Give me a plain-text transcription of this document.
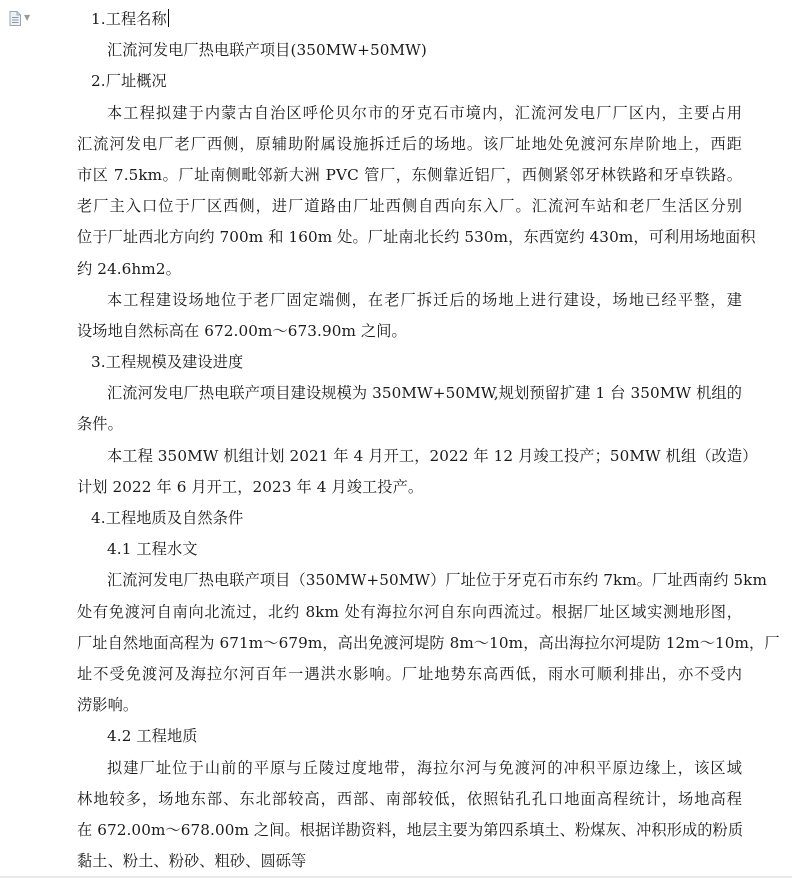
▼	1.工程名称
汇流河发电厂热电联产项目(350MW+50MW)
2.厂址概况
本工程拟建于内蒙古自治区呼伦贝尔市的牙克石市境内，汇流河发电厂厂区内，主要占用
汇流河发电厂老厂西侧，原辅助附属设施拆迁后的场地。该厂址地处免渡河东岸阶地上，西距
市区 7.5km。厂址南侧毗邻新大洲 PVC 管厂，东侧靠近铝厂，西侧紧邻牙林铁路和牙卓铁路。
老厂主入口位于厂区西侧，进厂道路由厂址西侧自西向东入厂。汇流河车站和老厂生活区分别
位于厂址西北方向约 700m 和 160m 处。厂址南北长约 530m，东西宽约 430m，可利用场地面积
约 24.6hm2。
本工程建设场地位于老厂固定端侧，在老厂拆迁后的场地上进行建设，场地已经平整，建
设场地自然标高在 672.00m～673.90m 之间。
3.工程规模及建设进度
汇流河发电厂热电联产项目建设规模为 350MW+50MW,规划预留扩建 1 台 350MW 机组的
条件。
本工程 350MW 机组计划 2021 年 4 月开工，2022 年 12 月竣工投产；50MW 机组（改造）
计划 2022 年 6 月开工，2023 年 4 月竣工投产。
4.工程地质及自然条件
4.1 工程水文
汇流河发电厂热电联产项目（350MW+50MW）厂址位于牙克石市东约 7km。厂址西南约 5km
处有免渡河自南向北流过，北约 8km 处有海拉尔河自东向西流过。根据厂址区域实测地形图，
厂址自然地面高程为 671m～679m，高出免渡河堤防 8m～10m，高出海拉尔河堤防 12m～10m，厂
址不受免渡河及海拉尔河百年一遇洪水影响。厂址地势东高西低，雨水可顺利排出，亦不受内
涝影响。
4.2 工程地质
拟建厂址位于山前的平原与丘陵过度地带，海拉尔河与免渡河的冲积平原边缘上，该区域
林地较多，场地东部、东北部较高，西部、南部较低，依照钻孔孔口地面高程统计，场地高程
在 672.00m～678.00m 之间。根据详勘资料，地层主要为第四系填土、粉煤灰、冲积形成的粉质
黏土、粉土、粉砂、粗砂、圆砾等
